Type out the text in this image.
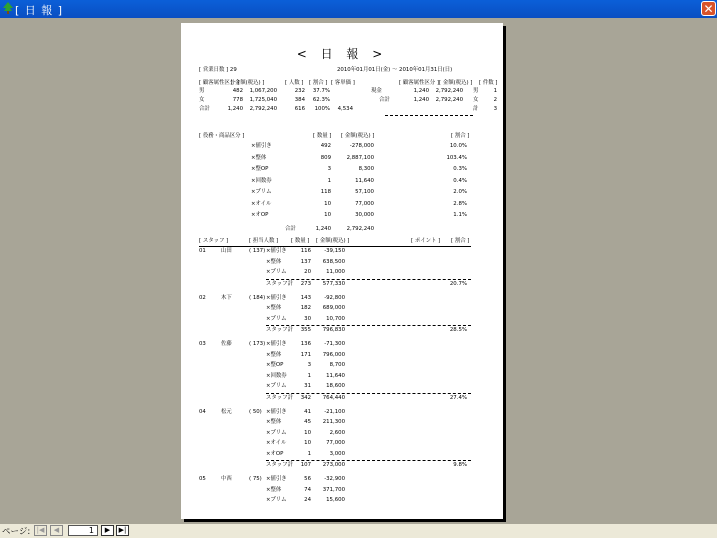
[ 日 報 ]	✕
< 日 報 >
[ 営業日数 ] 29	2010年01月01日(金) ～ 2010年01月31日(日)
[ 顧客属性区分 ]
[ 金額(税込) ]	[ 人数 ] [ 割合 ] [ 客単価 ]
男	482	1,067,200	232	37.7%
女	778	1,725,040	384	62.3%
合計	1,240	2,792,240	616	100%	4,534
[ 顧客属性区分 ] [ 金額(税込) ] [ 件数 ]
現金	1,240	2,792,240 男	1
合計	1,240	2,792,240 女	2
計	3
[ 役務・商品区分 ]	[ 数量 ] [ 金額(税込) ]	[ 割合 ]
×値引き	492	-278,000	10.0%
×整体	809	2,887,100	103.4%
×整OP	3	8,300	0.3%
×回数券	1	11,640	0.4%
×プリム	118	57,100	2.0%
×オイル	10	77,000	2.8%
×オOP	10	30,000	1.1%
合計	1,240	2,792,240
[ スタッフ ]	[ 担当人数 ] [ 数量 ] [ 金額(税込) ]	[ ポイント ] [ 割合 ]
01	山田	( 137) ×値引き	116	-39,150
×整体	137	638,500
×プリム	20	11,000
スタッフ計	273	577,330	20.7%
02	木下	( 184) ×値引き	143	-92,800
×整体	182	689,000
×プリム	30	10,700
スタッフ計	355	796,830	28.5%
03	佐藤	( 173) ×値引き	136	-71,300
×整体	171	796,000
×整OP	3	8,700
×回数券	1	11,640
×プリム	31	18,600
スタッフ計	342	764,440	27.4%
04	松元	( 50) ×値引き	41	-21,100
×整体	45	211,300
×プリム	10	2,600
×オイル	10	77,000
×オOP	1	3,000
スタッフ計	107	273,000	9.8%
05	中西	( 75) ×値引き	56	-32,900
×整体	74	371,700
×プリム	24	15,600
ページ: |◀	◀	1	▶	▶|
